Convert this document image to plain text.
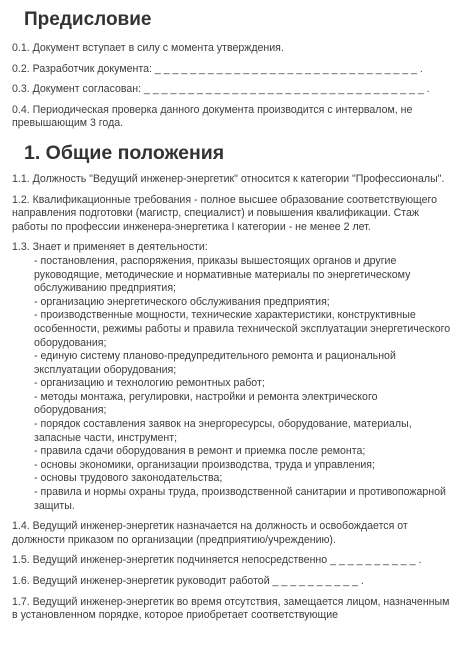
Предисловие

0.1. Документ вступает в силу с момента утверждения.

0.2. Разработчик документа: _ _ _ _ _ _ _ _ _ _ _ _ _ _ _ _ _ _ _ _ _ _ _ _ _ _ _ _ _ _ .

0.3. Документ согласован: _ _ _ _ _ _ _ _ _ _ _ _ _ _ _ _ _ _ _ _ _ _ _ _ _ _ _ _ _ _ _ _ .

0.4. Периодическая проверка данного документа производится с интервалом, не превышающим 3 года.

1. Общие положения

1.1. Должность "Ведущий инженер-энергетик" относится к категории "Профессионалы".

1.2. Квалификационные требования - полное высшее образование соответствующего направления подготовки (магистр, специалист) и повышения квалификации. Стаж работы по профессии инженера-энергетика I категории - не менее 2 лет.

1.3. Знает и применяет в деятельности:

- постановления, распоряжения, приказы вышестоящих органов и другие руководящие, методические и нормативные материалы по энергетическому обслуживанию предприятия;

- организацию энергетического обслуживания предприятия;

- производственные мощности, технические характеристики, конструктивные особенности, режимы работы и правила технической эксплуатации энергетического оборудования;

- единую систему планово-предупредительного ремонта и рациональной эксплуатации оборудования;

- организацию и технологию ремонтных работ;

- методы монтажа, регулировки, настройки и ремонта электрического оборудования;

- порядок составления заявок на энергоресурсы, оборудование, материалы, запасные части, инструмент;

- правила сдачи оборудования в ремонт и приемка после ремонта;

- основы экономики, организации производства, труда и управления;

- основы трудового законодательства;

- правила и нормы охраны труда, производственной санитарии и противопожарной защиты.

1.4. Ведущий инженер-энергетик назначается на должность и освобождается от должности приказом по организации (предприятию/учреждению).

1.5. Ведущий инженер-энергетик подчиняется непосредственно _ _ _ _ _ _ _ _ _ _ .

1.6. Ведущий инженер-энергетик руководит работой _ _ _ _ _ _ _ _ _ _ .

1.7. Ведущий инженер-энергетик во время отсутствия, замещается лицом, назначенным в установленном порядке, которое приобретает соответствующие
